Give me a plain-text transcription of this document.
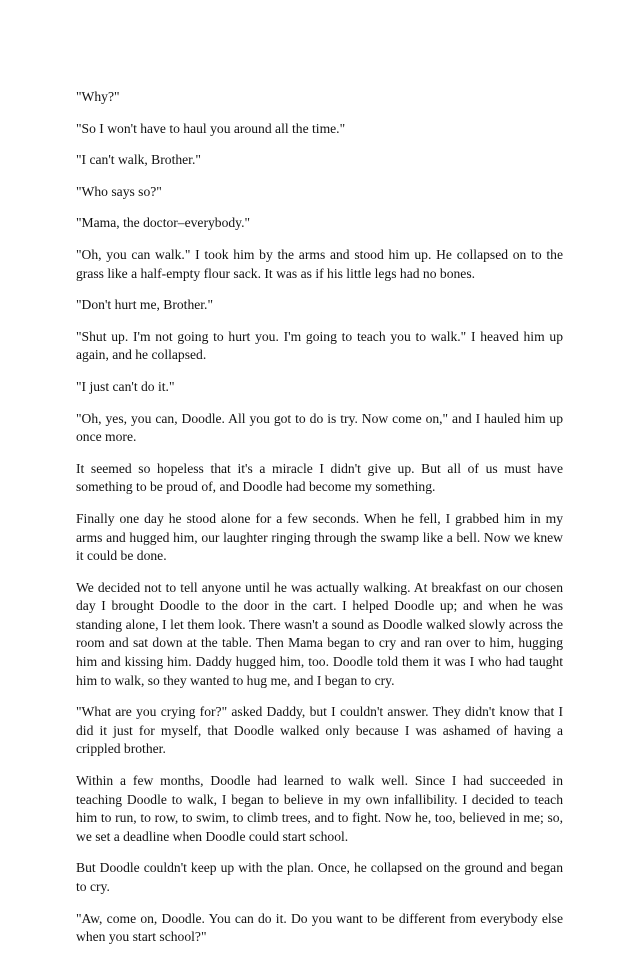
"Why?"

"So I won't have to haul you around all the time."

"I can't walk, Brother."

"Who says so?"

"Mama, the doctor–everybody."

"Oh, you can walk." I took him by the arms and stood him up. He collapsed on to the grass like a half-empty flour sack. It was as if his little legs had no bones.

"Don't hurt me, Brother."

"Shut up. I'm not going to hurt you. I'm going to teach you to walk." I heaved him up again, and he collapsed.

"I just can't do it."

"Oh, yes, you can, Doodle. All you got to do is try. Now come on," and I hauled him up once more.

It seemed so hopeless that it's a miracle I didn't give up. But all of us must have something to be proud of, and Doodle had become my something.

Finally one day he stood alone for a few seconds. When he fell, I grabbed him in my arms and hugged him, our laughter ringing through the swamp like a bell. Now we knew it could be done.

We decided not to tell anyone until he was actually walking. At breakfast on our chosen day I brought Doodle to the door in the cart. I helped Doodle up; and when he was standing alone, I let them look. There wasn't a sound as Doodle walked slowly across the room and sat down at the table. Then Mama began to cry and ran over to him, hugging him and kissing him. Daddy hugged him, too. Doodle told them it was I who had taught him to walk, so they wanted to hug me, and I began to cry.

"What are you crying for?" asked Daddy, but I couldn't answer. They didn't know that I did it just for myself, that Doodle walked only because I was ashamed of having a crippled brother.

Within a few months, Doodle had learned to walk well. Since I had succeeded in teaching Doodle to walk, I began to believe in my own infallibility. I decided to teach him to run, to row, to swim, to climb trees, and to fight. Now he, too, believed in me; so, we set a deadline when Doodle could start school.

But Doodle couldn't keep up with the plan. Once, he collapsed on the ground and began to cry.

"Aw, come on, Doodle. You can do it. Do you want to be different from everybody else when you start school?"
